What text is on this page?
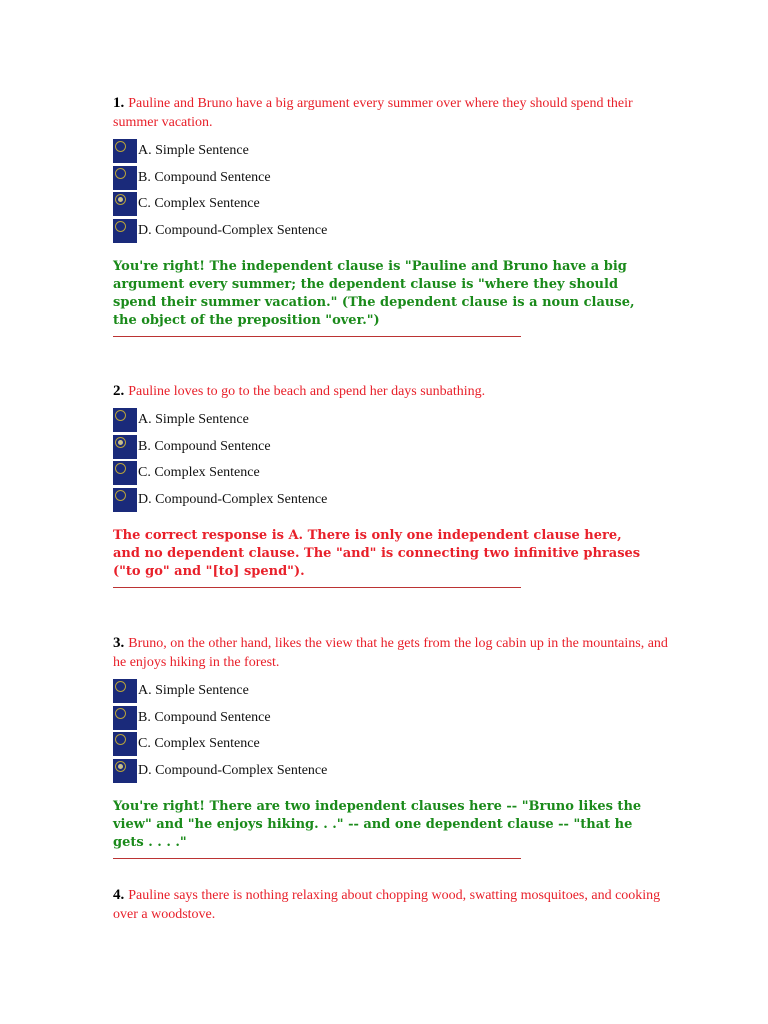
1. Pauline and Bruno have a big argument every summer over where they should spend their summer vacation.

A. Simple Sentence
B. Compound Sentence
C. Complex Sentence
D. Compound-Complex Sentence
You're right! The independent clause is "Pauline and Bruno have a big argument every summer; the dependent clause is "where they should spend their summer vacation." (The dependent clause is a noun clause, the object of the preposition "over.")

2. Pauline loves to go to the beach and spend her days sunbathing.

A. Simple Sentence
B. Compound Sentence
C. Complex Sentence
D. Compound-Complex Sentence
The correct response is A. There is only one independent clause here, and no dependent clause. The "and" is connecting two infinitive phrases ("to go" and "[to] spend").

3. Bruno, on the other hand, likes the view that he gets from the log cabin up in the mountains, and he enjoys hiking in the forest.

A. Simple Sentence
B. Compound Sentence
C. Complex Sentence
D. Compound-Complex Sentence
You're right! There are two independent clauses here -- "Bruno likes the view" and "he enjoys hiking. . ." -- and one dependent clause -- "that he gets . . . ."

4. Pauline says there is nothing relaxing about chopping wood, swatting mosquitoes, and cooking over a woodstove.
